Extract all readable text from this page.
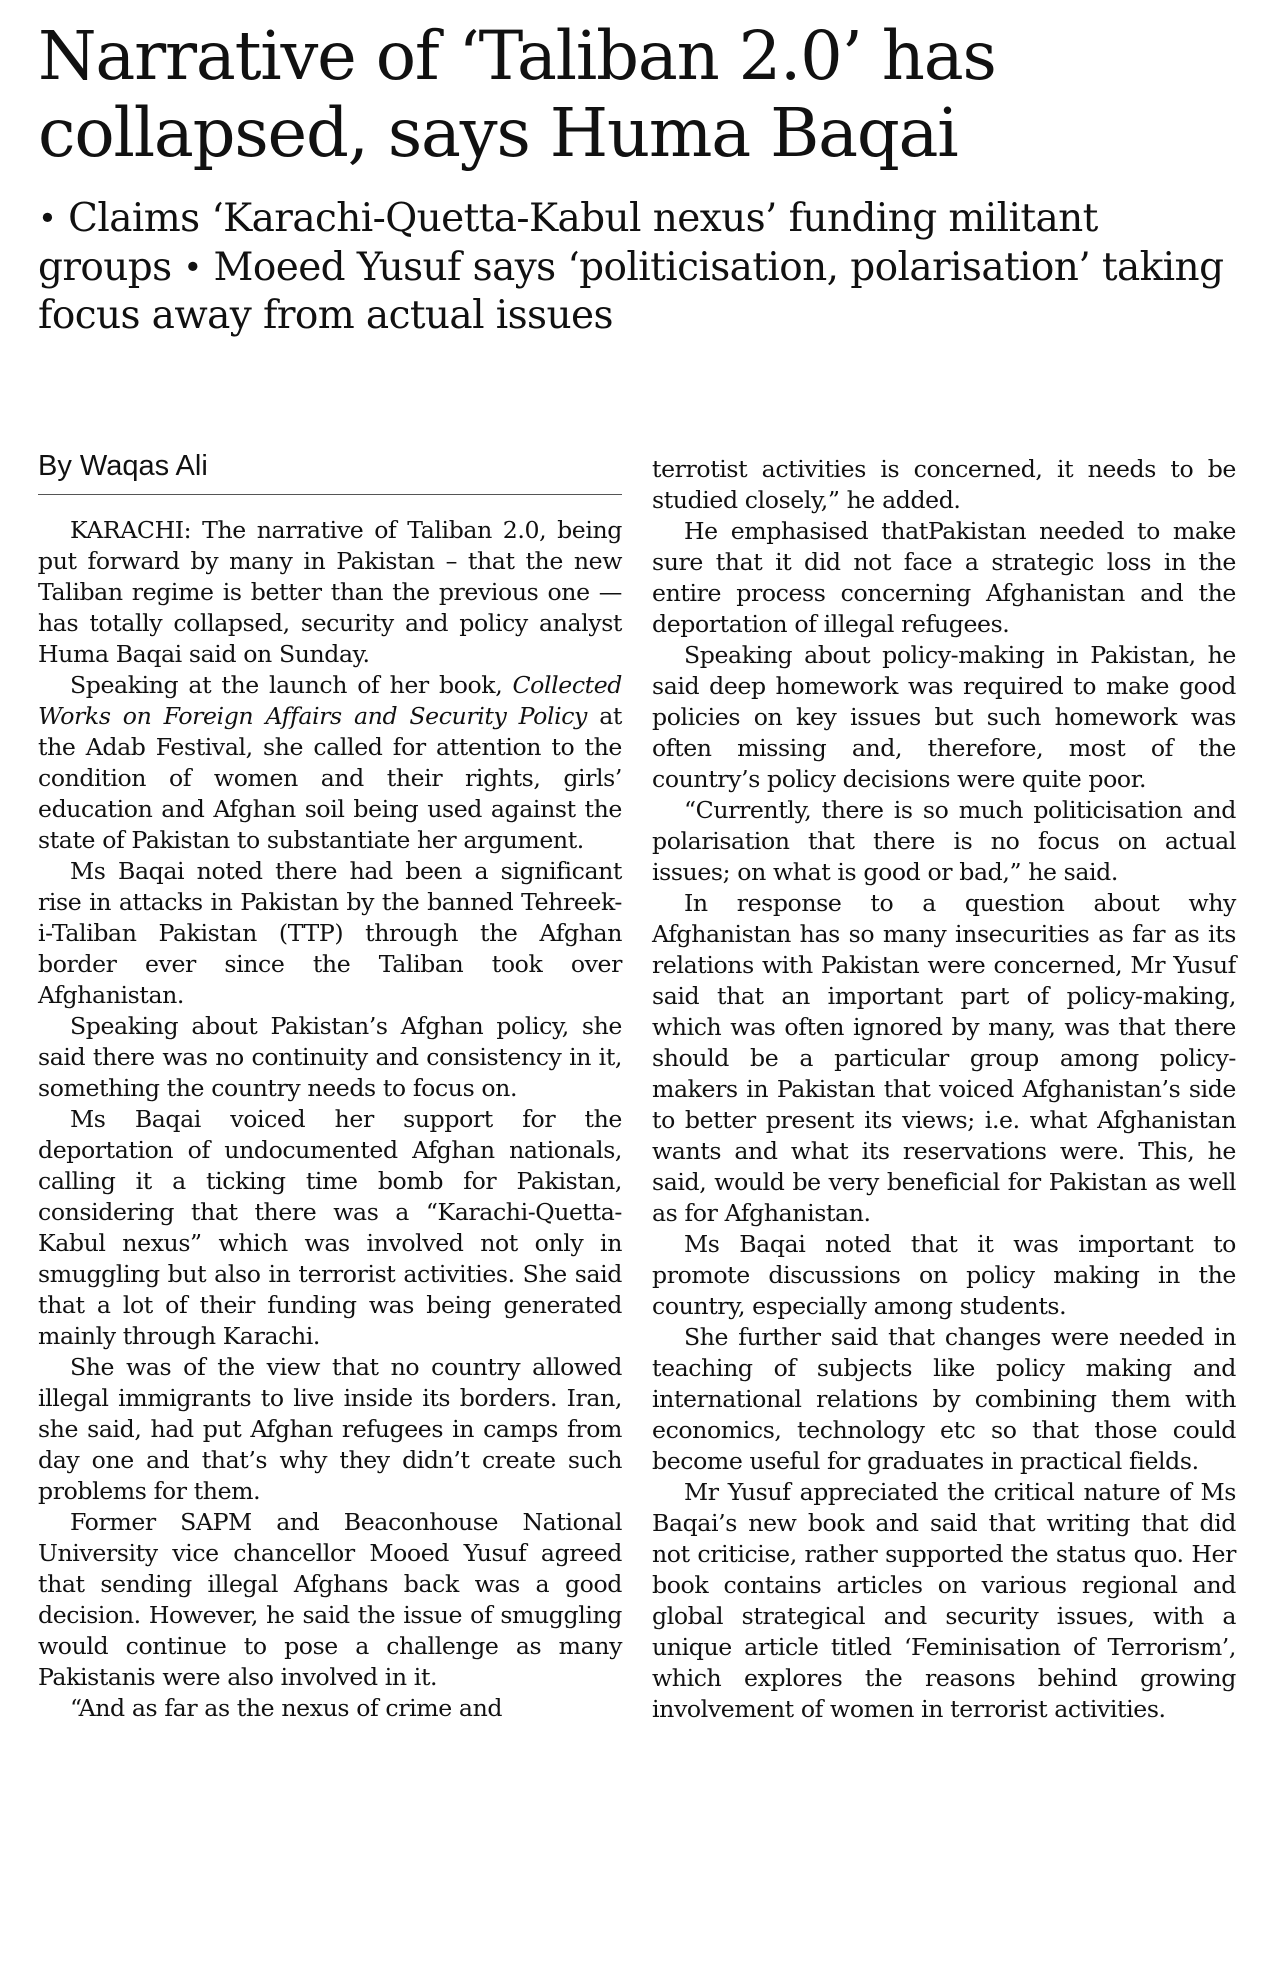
Narrative of ‘Taliban 2.0’ has collapsed, says Huma Baqai
• Claims ‘Karachi-Quetta-Kabul nexus’ funding militant groups • Moeed Yusuf says ‘politicisation, polarisation’ taking focus away from actual issues
By Waqas Ali

KARACHI: The narrative of Taliban 2.0, being put forward by many in Pakistan – that the new Taliban regime is better than the previous one — has totally collapsed, security and policy analyst Huma Baqai said on Sunday.

Speaking at the launch of her book, Collected Works on Foreign Affairs and Security Policy at the Adab Festival, she called for attention to the condition of women and their rights, girls’ education and Afghan soil being used against the state of Pakistan to substantiate her argument.

Ms Baqai noted there had been a significant rise in attacks in Pakistan by the banned Tehreek-i-Taliban Pakistan (TTP) through the Afghan border ever since the Taliban took over Afghanistan.

Speaking about Pakistan’s Afghan policy, she said there was no continuity and consistency in it, something the country needs to focus on.

Ms Baqai voiced her support for the deportation of undocumented Afghan nationals, calling it a ticking time bomb for Pakistan, considering that there was a “Karachi-Quetta-Kabul nexus” which was involved not only in smuggling but also in terrorist activities. She said that a lot of their funding was being generated mainly through Karachi.

She was of the view that no country allowed illegal immigrants to live inside its borders. Iran, she said, had put Afghan refugees in camps from day one and that’s why they didn’t create such problems for them.

Former SAPM and Beaconhouse National University vice chancellor Mooed Yusuf agreed that sending illegal Afghans back was a good decision. However, he said the issue of smuggling would continue to pose a challenge as many Pakistanis were also involved in it.

“And as far as the nexus of crime and

terrotist activities is concerned, it needs to be studied closely,” he added.

He emphasised thatPakistan needed to make sure that it did not face a strategic loss in the entire process concerning Afghanistan and the deportation of illegal refugees.

Speaking about policy-making in Pakistan, he said deep homework was required to make good policies on key issues but such homework was often missing and, therefore, most of the country’s policy decisions were quite poor.

“Currently, there is so much politicisation and polarisation that there is no focus on actual issues; on what is good or bad,” he said.

In response to a question about why Afghanistan has so many insecurities as far as its relations with Pakistan were concerned, Mr Yusuf said that an important part of policy-making, which was often ignored by many, was that there should be a particular group among policy-makers in Pakistan that voiced Afghanistan’s side to better present its views; i.e. what Afghanistan wants and what its reservations were. This, he said, would be very beneficial for Pakistan as well as for Afghanistan.

Ms Baqai noted that it was important to promote discussions on policy making in the country, especially among students.

She further said that changes were needed in teaching of subjects like policy making and international relations by combining them with economics, technology etc so that those could become useful for graduates in practical fields.

Mr Yusuf appreciated the critical nature of Ms Baqai’s new book and said that writing that did not criticise, rather supported the status quo. Her book contains articles on various regional and global strategical and security issues, with a unique article titled ‘Feminisation of Terrorism’, which explores the reasons behind growing involvement of women in terrorist activities.
